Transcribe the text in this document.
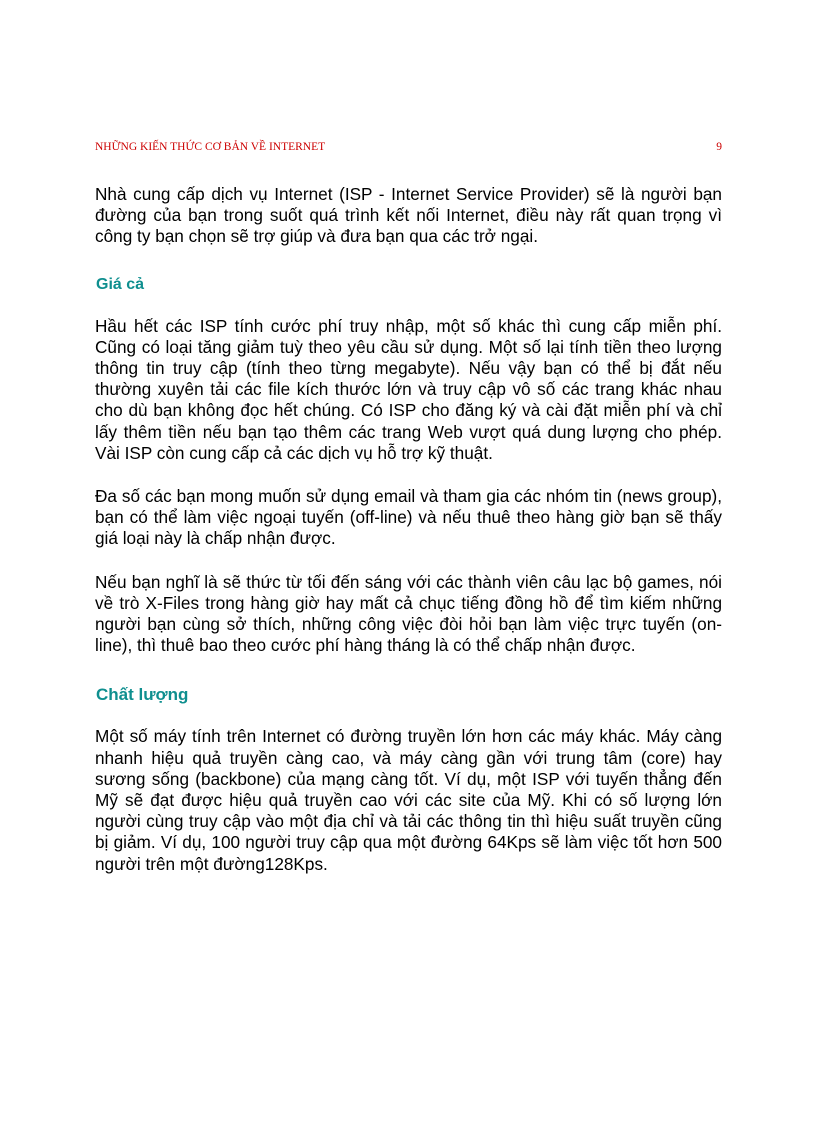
NHỮNG KIẾN THỨC CƠ BẢN VỀ INTERNET	9

Nhà cung cấp dịch vụ Internet (ISP - Internet Service Provider) sẽ là người bạn đường của bạn trong suốt quá trình kết nối Internet, điều này rất quan trọng vì công ty bạn chọn sẽ trợ giúp và đưa bạn qua các trở ngại.

Giá cả

Hầu hết các ISP tính cước phí truy nhập, một số khác thì cung cấp miễn phí. Cũng có loại tăng giảm tuỳ theo yêu cầu sử dụng. Một số lại tính tiền theo lượng thông tin truy cập (tính theo từng megabyte). Nếu vậy bạn có thể bị đắt nếu thường xuyên tải các file kích thước lớn và truy cập vô số các trang khác nhau cho dù bạn không đọc hết chúng. Có ISP cho đăng ký và cài đặt miễn phí và chỉ lấy thêm tiền nếu bạn tạo thêm các trang Web vượt quá dung lượng cho phép. Vài ISP còn cung cấp cả các dịch vụ hỗ trợ kỹ thuật.

Đa số các bạn mong muốn sử dụng email và tham gia các nhóm tin (news group), bạn có thể làm việc ngoại tuyến (off-line) và nếu thuê theo hàng giờ bạn sẽ thấy giá loại này là chấp nhận được.

Nếu bạn nghĩ là sẽ thức từ tối đến sáng với các thành viên câu lạc bộ games, nói về trò X-Files trong hàng giờ hay mất cả chục tiếng đồng hồ để tìm kiếm những người bạn cùng sở thích, những công việc đòi hỏi bạn làm việc trực tuyến (on-line), thì thuê bao theo cước phí hàng tháng là có thể chấp nhận được.

Chất lượng

Một số máy tính trên Internet có đường truyền lớn hơn các máy khác. Máy càng nhanh hiệu quả truyền càng cao, và máy càng gần với trung tâm (core) hay sương sống (backbone) của mạng càng tốt. Ví dụ, một ISP với tuyến thẳng đến Mỹ sẽ đạt được hiệu quả truyền cao với các site của Mỹ. Khi có số lượng lớn người cùng truy cập vào một địa chỉ và tải các thông tin thì hiệu suất truyền cũng bị giảm. Ví dụ, 100 người truy cập qua một đường 64Kps sẽ làm việc tốt hơn 500 người trên một đường128Kps.
